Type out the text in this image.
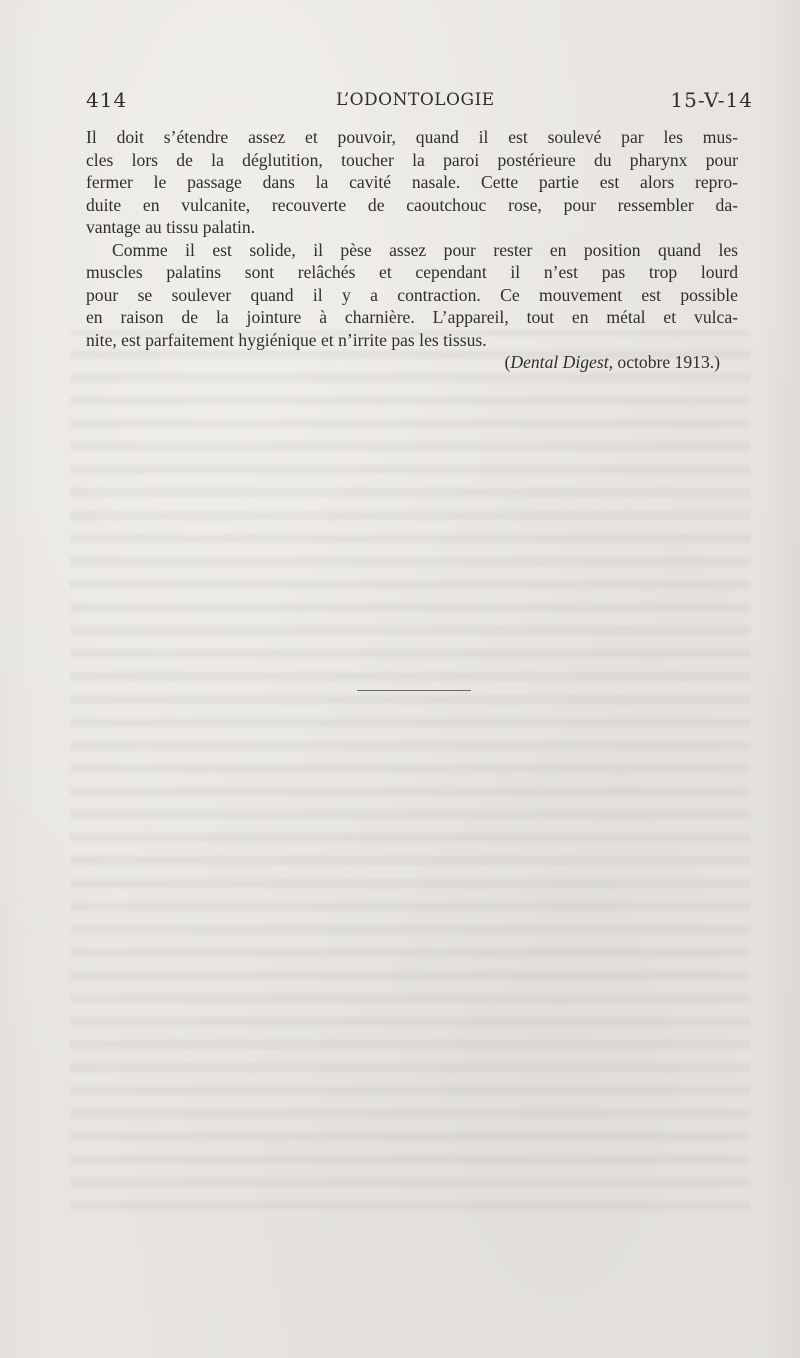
414	L’ODONTOLOGIE	15-V-14
Il doit s’étendre assez et pouvoir, quand il est soulevé par les mus-
cles lors de la déglutition, toucher la paroi postérieure du pharynx pour
fermer le passage dans la cavité nasale. Cette partie est alors repro-
duite en vulcanite, recouverte de caoutchouc rose, pour ressembler da-
vantage au tissu palatin.
Comme il est solide, il pèse assez pour rester en position quand les
muscles palatins sont relâchés et cependant il n’est pas trop lourd
pour se soulever quand il y a contraction. Ce mouvement est possible
en raison de la jointure à charnière. L’appareil, tout en métal et vulca-
nite, est parfaitement hygiénique et n’irrite pas les tissus.
(Dental Digest, octobre 1913.)
